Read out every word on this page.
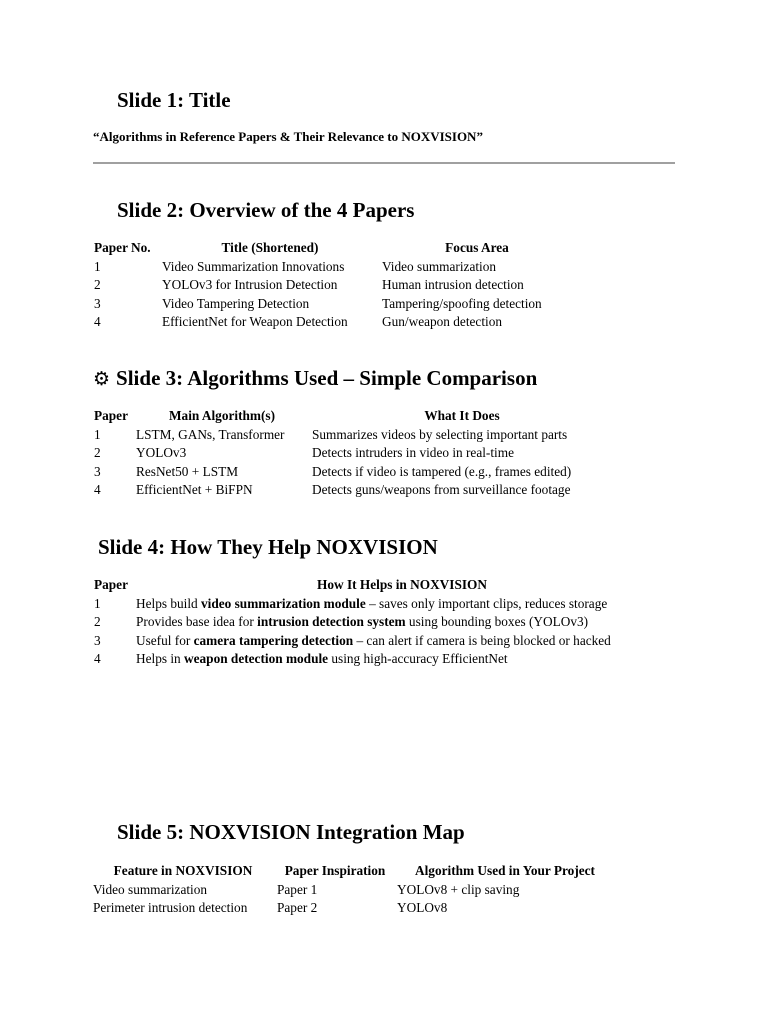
Slide 1: Title
“Algorithms in Reference Papers & Their Relevance to NOXVISION”
Slide 2: Overview of the 4 Papers
Paper No.	Title (Shortened)	Focus Area
1	Video Summarization Innovations	Video summarization
2	YOLOv3 for Intrusion Detection	Human intrusion detection
3	Video Tampering Detection	Tampering/spoofing detection
4	EfficientNet for Weapon Detection	Gun/weapon detection
⚙ Slide 3: Algorithms Used – Simple Comparison
Paper	Main Algorithm(s)	What It Does
1	LSTM, GANs, Transformer	Summarizes videos by selecting important parts
2	YOLOv3	Detects intruders in video in real-time
3	ResNet50 + LSTM	Detects if video is tampered (e.g., frames edited)
4	EfficientNet + BiFPN	Detects guns/weapons from surveillance footage
Slide 4: How They Help NOXVISION
Paper	How It Helps in NOXVISION
1	Helps build video summarization module – saves only important clips, reduces storage
2	Provides base idea for intrusion detection system using bounding boxes (YOLOv3)
3	Useful for camera tampering detection – can alert if camera is being blocked or hacked
4	Helps in weapon detection module using high-accuracy EfficientNet
Slide 5: NOXVISION Integration Map
Feature in NOXVISION	Paper Inspiration	Algorithm Used in Your Project
Video summarization	Paper 1	YOLOv8 + clip saving
Perimeter intrusion detection	Paper 2	YOLOv8
